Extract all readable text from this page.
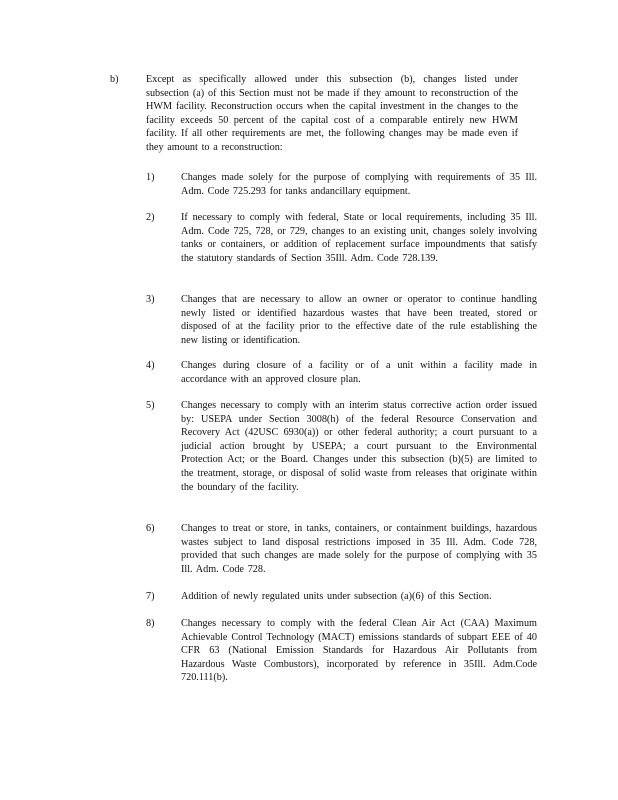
b)	Except as specifically allowed under this subsection (b), changes listed under subsection (a) of this Section must not be made if they amount to reconstruction of the HWM facility. Reconstruction occurs when the capital investment in the changes to the facility exceeds 50 percent of the capital cost of a comparable entirely new HWM facility. If all other requirements are met, the following changes may be made even if they amount to a reconstruction:
1)	Changes made solely for the purpose of complying with requirements of 35 Ill. Adm. Code 725.293 for tanks andancillary equipment.
2)	If necessary to comply with federal, State or local requirements, including 35 Ill. Adm. Code 725, 728, or 729, changes to an existing unit, changes solely involving tanks or containers, or addition of replacement surface impoundments that satisfy the statutory standards of Section 35Ill. Adm. Code 728.139.
3)	Changes that are necessary to allow an owner or operator to continue handling newly listed or identified hazardous wastes that have been treated, stored or disposed of at the facility prior to the effective date of the rule establishing the new listing or identification.
4)	Changes during closure of a facility or of a unit within a facility made in accordance with an approved closure plan.
5)	Changes necessary to comply with an interim status corrective action order issued by: USEPA under Section 3008(h) of the federal Resource Conservation and Recovery Act (42USC 6930(a)) or other federal authority; a court pursuant to a judicial action brought by USEPA; a court pursuant to the Environmental Protection Act; or the Board. Changes under this subsection (b)(5) are limited to the treatment, storage, or disposal of solid waste from releases that originate within the boundary of the facility.
6)	Changes to treat or store, in tanks, containers, or containment buildings, hazardous wastes subject to land disposal restrictions imposed in 35 Ill. Adm. Code 728, provided that such changes are made solely for the purpose of complying with 35 Ill. Adm. Code 728.
7)	Addition of newly regulated units under subsection (a)(6) of this Section.
8)	Changes necessary to comply with the federal Clean Air Act (CAA) Maximum Achievable Control Technology (MACT) emissions standards of subpart EEE of 40 CFR 63 (National Emission Standards for Hazardous Air Pollutants from Hazardous Waste Combustors), incorporated by reference in 35Ill. Adm.Code 720.111(b).
